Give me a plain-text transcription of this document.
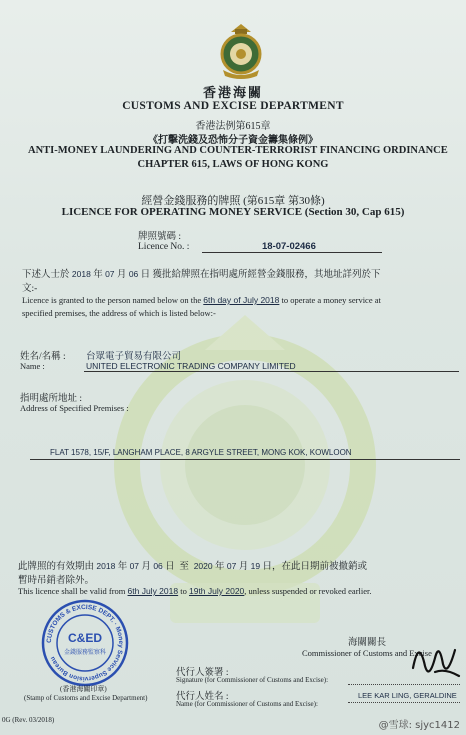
香港海關
CUSTOMS AND EXCISE DEPARTMENT
香港法例第615章
《打擊洗錢及恐怖分子資金籌集條例》
ANTI-MONEY LAUNDERING AND COUNTER-TERRORIST FINANCING ORDINANCE
CHAPTER 615, LAWS OF HONG KONG
經營金錢服務的牌照 (第615章 第30條)
LICENCE FOR OPERATING MONEY SERVICE (Section 30, Cap 615)
牌照號碼 :
Licence No. :	18-07-02466
下述人士於 2018 年 07 月 06 日 獲批給牌照在指明處所經營金錢服務，其地址詳列於下
文:-
Licence is granted to the person named below on the 6th day of July 2018 to operate a money service at
specified premises, the address of which is listed below:-
姓名/名稱 :
Name :
台眾電子貿易有限公司
UNITED ELECTRONIC TRADING COMPANY LIMITED
指明處所地址 :
Address of Specified Premises :
FLAT 1578, 15/F, LANGHAM PLACE, 8 ARGYLE STREET, MONG KOK, KOWLOON
此牌照的有效期由 2018 年 07 月 06 日 至 2020 年 07 月 19 日，在此日期前被撤銷或
暫時吊銷者除外。
This licence shall be valid from 6th July 2018 to 19th July 2020, unless suspended or revoked earlier.
CUSTOMS & EXCISE DEPT. · Money Service Supervision Bureau
C&ED
金錢服務監察科
(香港海關印章)
(Stamp of Customs and Excise Department)
海關關長
Commissioner of Customs and Excise
代行人簽署 :
Signature (for Commissioner of Customs and Excise):
代行人姓名 :
Name (for Commissioner of Customs and Excise):
LEE KAR LING, GERALDINE
0G (Rev. 03/2018)	@雪球: sjyc1412
